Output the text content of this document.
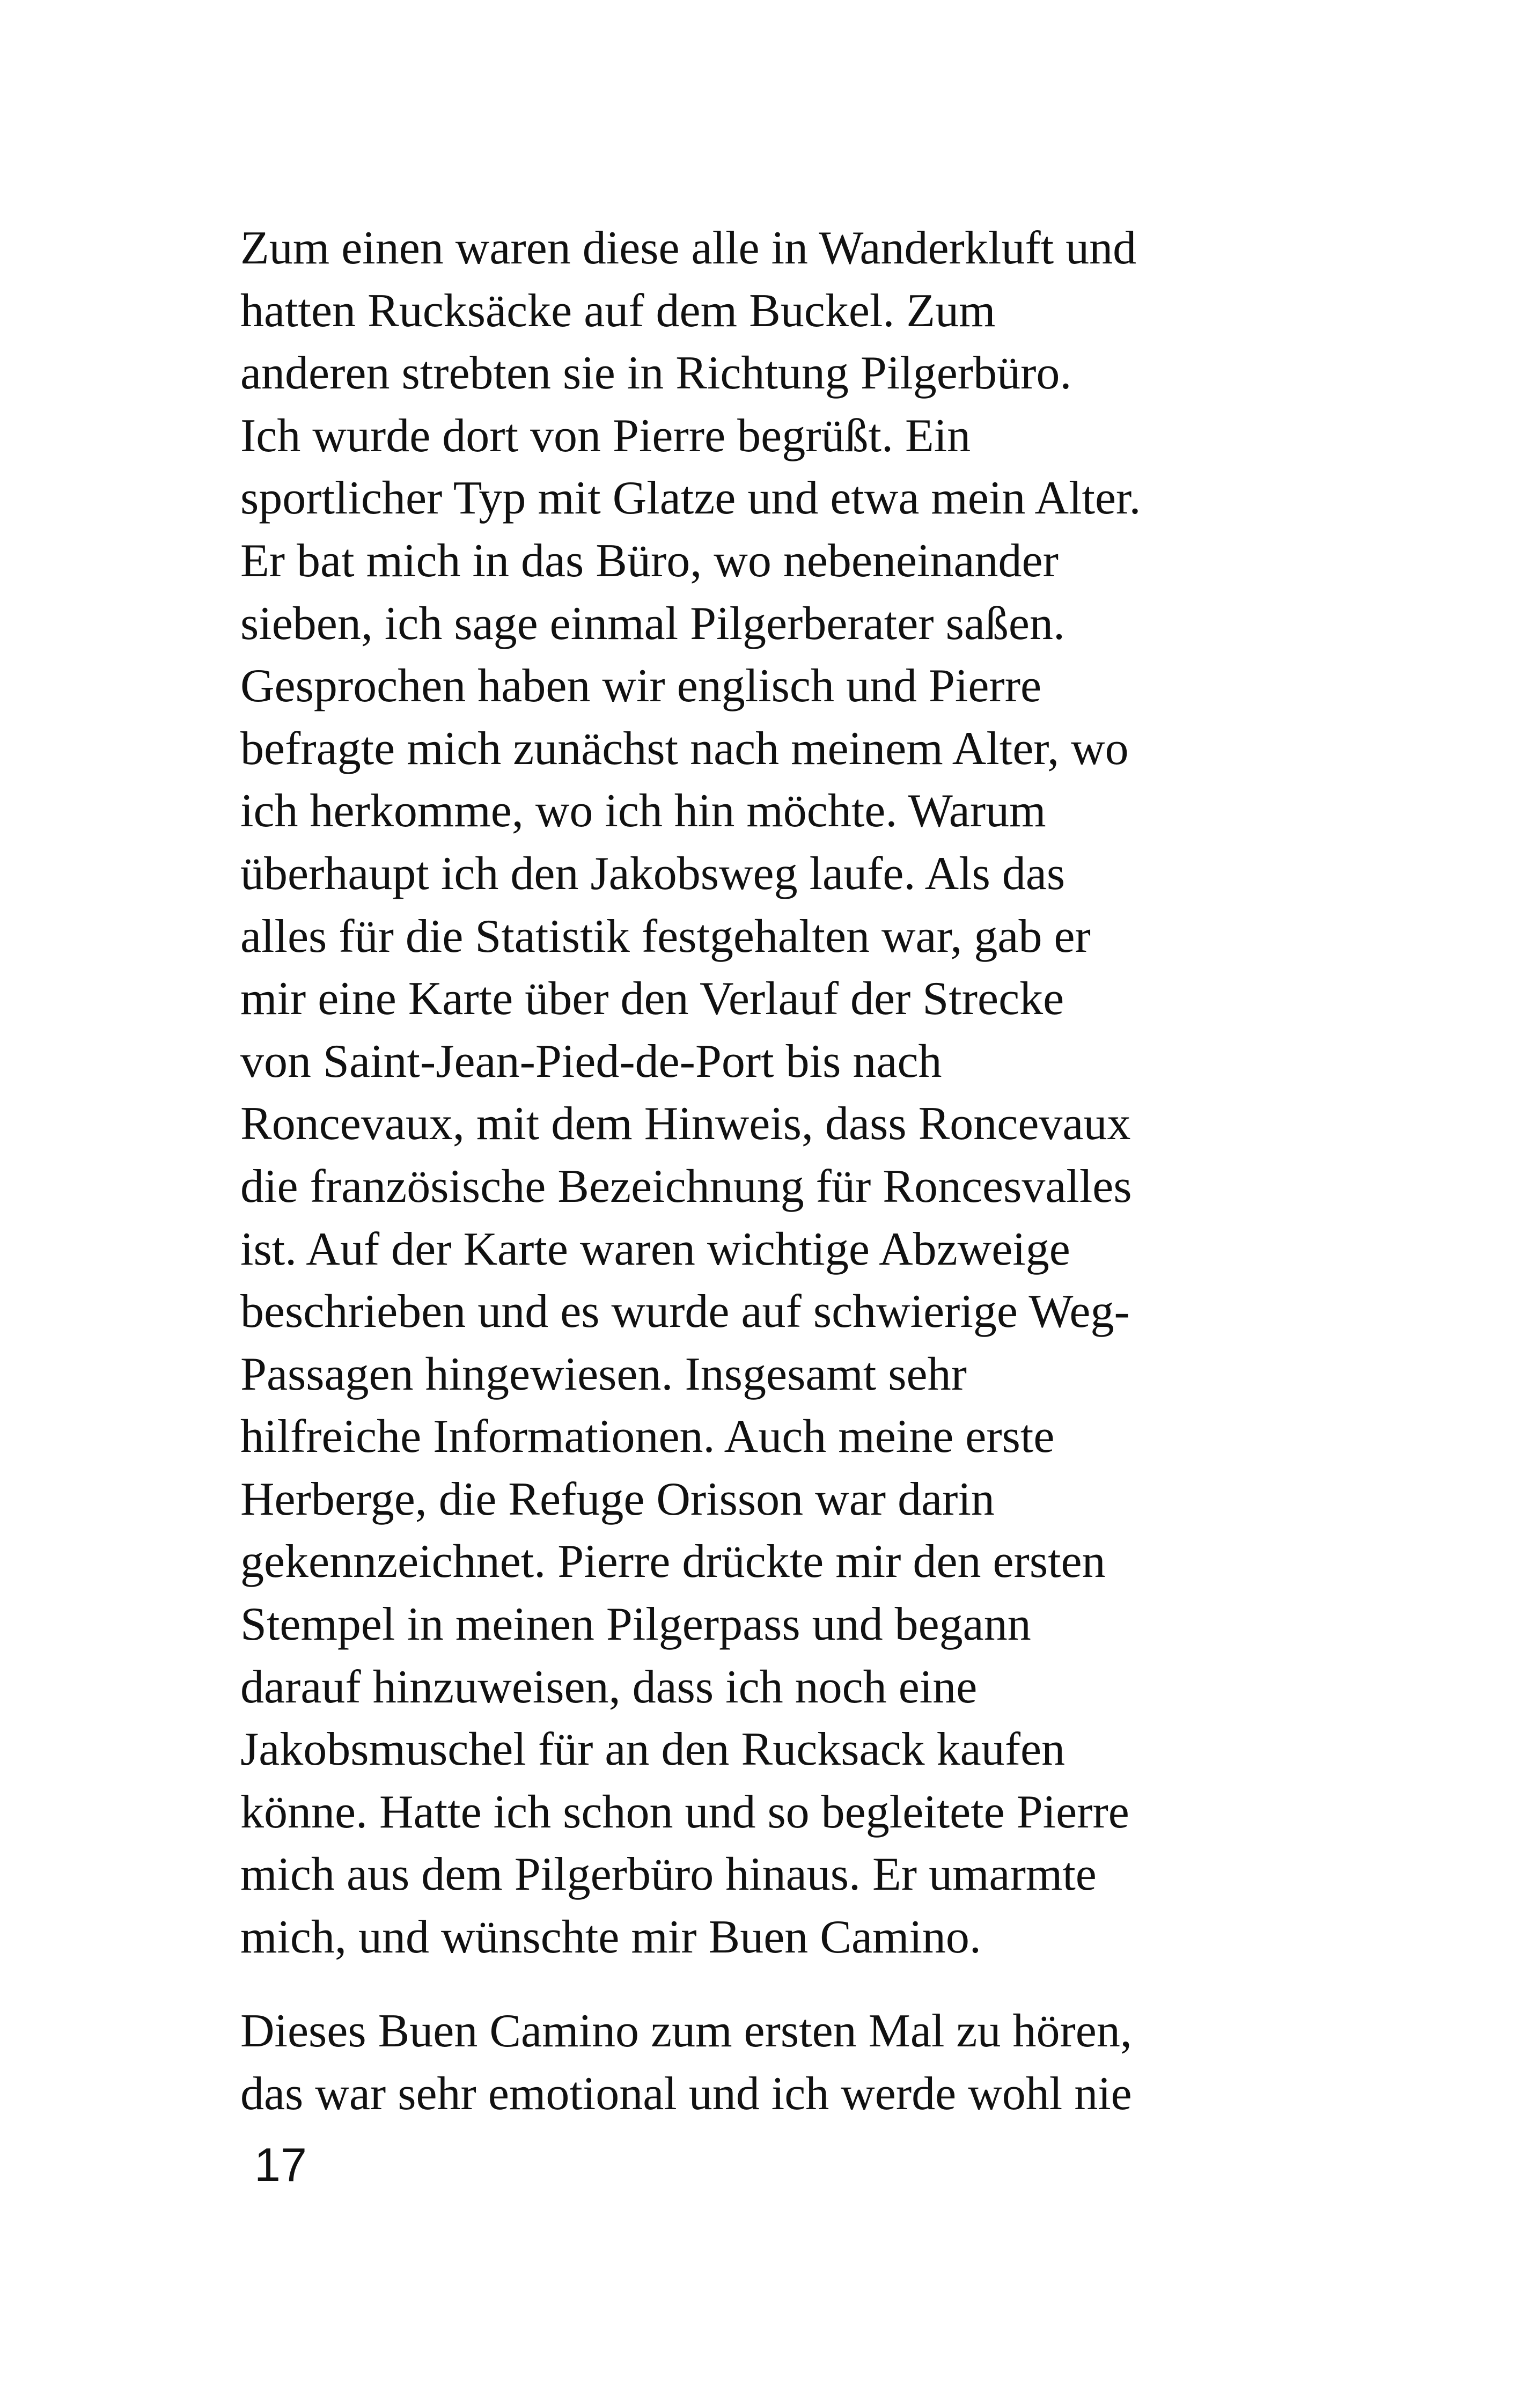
Zum einen waren diese alle in Wanderkluft und
hatten Rucksäcke auf dem Buckel. Zum
anderen strebten sie in Richtung Pilgerbüro.
Ich wurde dort von Pierre begrüßt. Ein
sportlicher Typ mit Glatze und etwa mein Alter.
Er bat mich in das Büro, wo nebeneinander
sieben, ich sage einmal Pilgerberater saßen.
Gesprochen haben wir englisch und Pierre
befragte mich zunächst nach meinem Alter, wo
ich herkomme, wo ich hin möchte. Warum
überhaupt ich den Jakobsweg laufe. Als das
alles für die Statistik festgehalten war, gab er
mir eine Karte über den Verlauf der Strecke
von Saint-Jean-Pied-de-Port bis nach
Roncevaux, mit dem Hinweis, dass Roncevaux
die französische Bezeichnung für Roncesvalles
ist. Auf der Karte waren wichtige Abzweige
beschrieben und es wurde auf schwierige Weg-
Passagen hingewiesen. Insgesamt sehr
hilfreiche Informationen. Auch meine erste
Herberge, die Refuge Orisson war darin
gekennzeichnet. Pierre drückte mir den ersten
Stempel in meinen Pilgerpass und begann
darauf hinzuweisen, dass ich noch eine
Jakobsmuschel für an den Rucksack kaufen
könne. Hatte ich schon und so begleitete Pierre
mich aus dem Pilgerbüro hinaus. Er umarmte
mich, und wünschte mir Buen Camino.
Dieses Buen Camino zum ersten Mal zu hören,
das war sehr emotional und ich werde wohl nie
17
